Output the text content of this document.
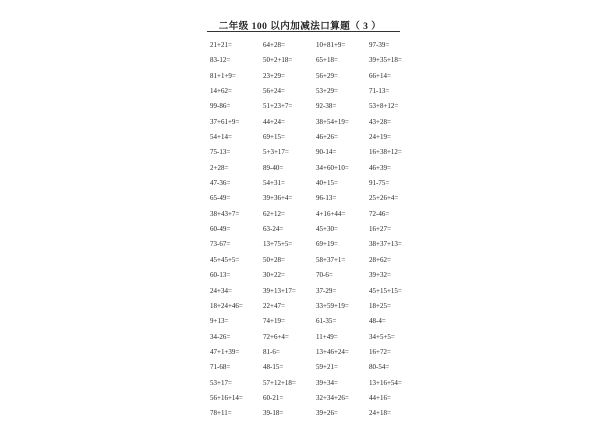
二年级 100 以内加减法口算题（ 3 ）
21+21=	64+28=	10+81+9=	97-39=
83-12=	50+2+18=	65+18=	39+35+18=
81+1+9=	23+29=	56+29=	66+14=
14+62=	56+24=	53+29=	71-13=
99-86=	51+23+7=	92-38=	53+8+12=
37+61+9=	44+24=	38+54+19=	43+28=
54+14=	69+15=	46+26=	24+19=
75-13=	5+3+17=	90-14=	16+38+12=
2+28=	89-40=	34+60+10=	46+39=
47-36=	54+31=	40+15=	91-75=
65-49=	39+36+4=	96-13=	25+26+4=
38+43+7=	62+12=	4+16+44=	72-46=
60-49=	63-24=	45+30=	16+27=
73-67=	13+75+5=	69+19=	38+37+13=
45+45+5=	50+28=	58+37+1=	28+62=
60-13=	30+22=	70-6=	39+32=
24+34=	39+13+17=	37-29=	45+15+15=
18+24+46=	22+47=	33+59+19=	18+25=
9+13=	74+19=	61-35=	48-4=
34-26=	72+6+4=	11+49=	34+5+5=
47+1+39=	81-6=	13+46+24=	16+72=
71-68=	48-15=	59+21=	80-54=
53+17=	57+12+18=	39+34=	13+16+54=
56+16+14=	60-21=	32+34+26=	44+16=
78+11=	39-18=	39+26=	24+18=
